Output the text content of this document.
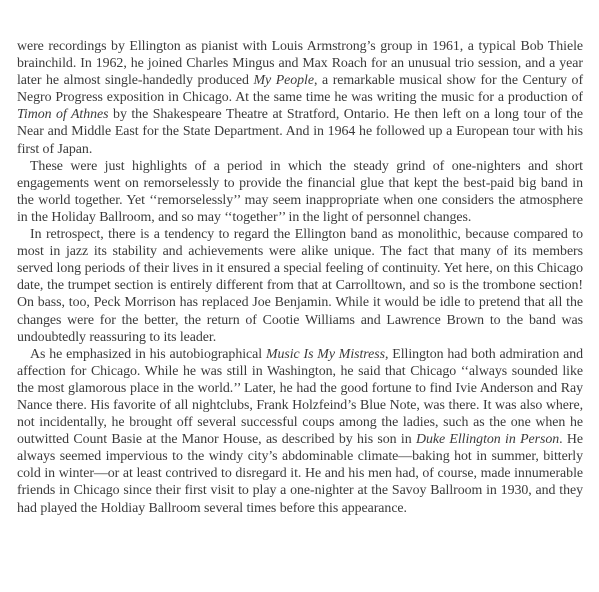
were recordings by Ellington as pianist with Louis Armstrong’s group in 1961, a typical Bob Thiele brainchild. In 1962, he joined Charles Mingus and Max Roach for an unusual trio session, and a year later he almost single-handedly produced My People, a remarkable musical show for the Century of Negro Progress exposition in Chicago. At the same time he was writing the music for a production of Timon of Athnes by the Shakespeare Theatre at Stratford, Ontario. He then left on a long tour of the Near and Middle East for the State Department. And in 1964 he followed up a European tour with his first of Japan.

These were just highlights of a period in which the steady grind of one-nighters and short engagements went on remorselessly to provide the financial glue that kept the best-paid big band in the world together. Yet ‘‘remorselessly’’ may seem inappropriate when one considers the atmosphere in the Holiday Ballroom, and so may ‘‘together’’ in the light of personnel changes.

In retrospect, there is a tendency to regard the Ellington band as monolithic, because compared to most in jazz its stability and achievements were alike unique. The fact that many of its members served long periods of their lives in it ensured a special feeling of continuity. Yet here, on this Chicago date, the trumpet section is entirely different from that at Carrolltown, and so is the trombone section! On bass, too, Peck Morrison has replaced Joe Benjamin. While it would be idle to pretend that all the changes were for the better, the return of Cootie Williams and Lawrence Brown to the band was undoubtedly reassuring to its leader.

As he emphasized in his autobiographical Music Is My Mistress, Ellington had both admiration and affection for Chicago. While he was still in Washington, he said that Chicago ‘‘always sounded like the most glamorous place in the world.’’ Later, he had the good fortune to find Ivie Anderson and Ray Nance there. His favorite of all nightclubs, Frank Holzfeind’s Blue Note, was there. It was also where, not incidentally, he brought off several successful coups among the ladies, such as the one when he outwitted Count Basie at the Manor House, as described by his son in Duke Ellington in Person. He always seemed impervious to the windy city’s abdominable climate—baking hot in summer, bitterly cold in winter—or at least contrived to disregard it. He and his men had, of course, made innumerable friends in Chicago since their first visit to play a one-nighter at the Savoy Ballroom in 1930, and they had played the Holdiay Ballroom several times before this appearance.
